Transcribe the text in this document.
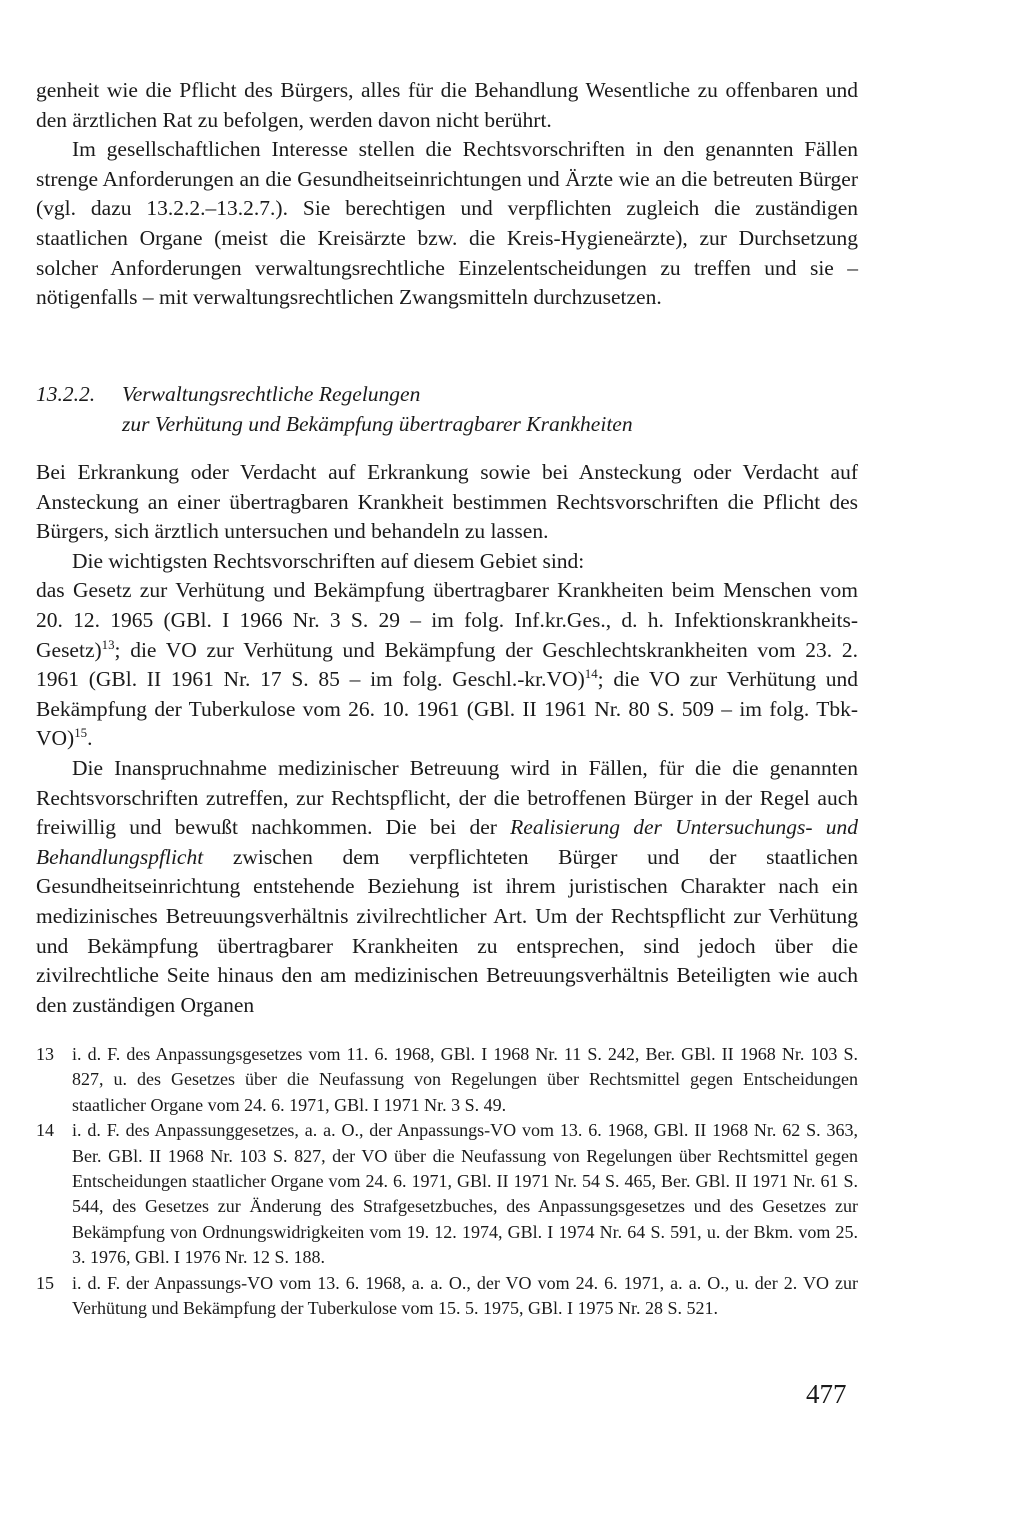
genheit wie die Pflicht des Bürgers, alles für die Behandlung Wesentliche zu offenbaren und den ärztlichen Rat zu befolgen, werden davon nicht berührt.

Im gesellschaftlichen Interesse stellen die Rechtsvorschriften in den genannten Fällen strenge Anforderungen an die Gesundheitseinrichtungen und Ärzte wie an die betreuten Bürger (vgl. dazu 13.2.2.–13.2.7.). Sie berechtigen und verpflichten zugleich die zuständigen staatlichen Organe (meist die Kreisärzte bzw. die Kreis-Hygieneärzte), zur Durchsetzung solcher Anforderungen verwaltungsrechtliche Einzelentscheidungen zu treffen und sie – nötigenfalls – mit verwaltungsrechtlichen Zwangsmitteln durchzusetzen.

13.2.2.	Verwaltungsrechtliche Regelungen
zur Verhütung und Bekämpfung übertragbarer Krankheiten

Bei Erkrankung oder Verdacht auf Erkrankung sowie bei Ansteckung oder Verdacht auf Ansteckung an einer übertragbaren Krankheit bestimmen Rechtsvorschriften die Pflicht des Bürgers, sich ärztlich untersuchen und behandeln zu lassen.

Die wichtigsten Rechtsvorschriften auf diesem Gebiet sind:

das Gesetz zur Verhütung und Bekämpfung übertragbarer Krankheiten beim Menschen vom 20. 12. 1965 (GBl. I 1966 Nr. 3 S. 29 – im folg. Inf.kr.Ges., d. h. Infektionskrankheits-Gesetz)$^{13}$; die VO zur Verhütung und Bekämpfung der Geschlechtskrankheiten vom 23. 2. 1961 (GBl. II 1961 Nr. 17 S. 85 – im folg. Geschl.-kr.VO)$^{14}$; die VO zur Verhütung und Bekämpfung der Tuberkulose vom 26. 10. 1961 (GBl. II 1961 Nr. 80 S. 509 – im folg. Tbk-VO)$^{15}$.

Die Inanspruchnahme medizinischer Betreuung wird in Fällen, für die die genannten Rechtsvorschriften zutreffen, zur Rechtspflicht, der die betroffenen Bürger in der Regel auch freiwillig und bewußt nachkommen. Die bei der Realisierung der Untersuchungs- und Behandlungspflicht zwischen dem verpflichteten Bürger und der staatlichen Gesundheitseinrichtung entstehende Beziehung ist ihrem juristischen Charakter nach ein medizinisches Betreuungsverhältnis zivilrechtlicher Art. Um der Rechtspflicht zur Verhütung und Bekämpfung übertragbarer Krankheiten zu entsprechen, sind jedoch über die zivilrechtliche Seite hinaus den am medizinischen Betreuungsverhältnis Beteiligten wie auch den zuständigen Organen

13 i. d. F. des Anpassungsgesetzes vom 11. 6. 1968, GBl. I 1968 Nr. 11 S. 242, Ber. GBl. II 1968 Nr. 103 S. 827, u. des Gesetzes über die Neufassung von Regelungen über Rechtsmittel gegen Entscheidungen staatlicher Organe vom 24. 6. 1971, GBl. I 1971 Nr. 3 S. 49.
14 i. d. F. des Anpassunggesetzes, a. a. O., der Anpassungs-VO vom 13. 6. 1968, GBl. II 1968 Nr. 62 S. 363, Ber. GBl. II 1968 Nr. 103 S. 827, der VO über die Neufassung von Regelungen über Rechtsmittel gegen Entscheidungen staatlicher Organe vom 24. 6. 1971, GBl. II 1971 Nr. 54 S. 465, Ber. GBl. II 1971 Nr. 61 S. 544, des Gesetzes zur Änderung des Strafgesetzbuches, des Anpassungsgesetzes und des Gesetzes zur Bekämpfung von Ordnungswidrigkeiten vom 19. 12. 1974, GBl. I 1974 Nr. 64 S. 591, u. der Bkm. vom 25. 3. 1976, GBl. I 1976 Nr. 12 S. 188.
15 i. d. F. der Anpassungs-VO vom 13. 6. 1968, a. a. O., der VO vom 24. 6. 1971, a. a. O., u. der 2. VO zur Verhütung und Bekämpfung der Tuberkulose vom 15. 5. 1975, GBl. I 1975 Nr. 28 S. 521.
477
